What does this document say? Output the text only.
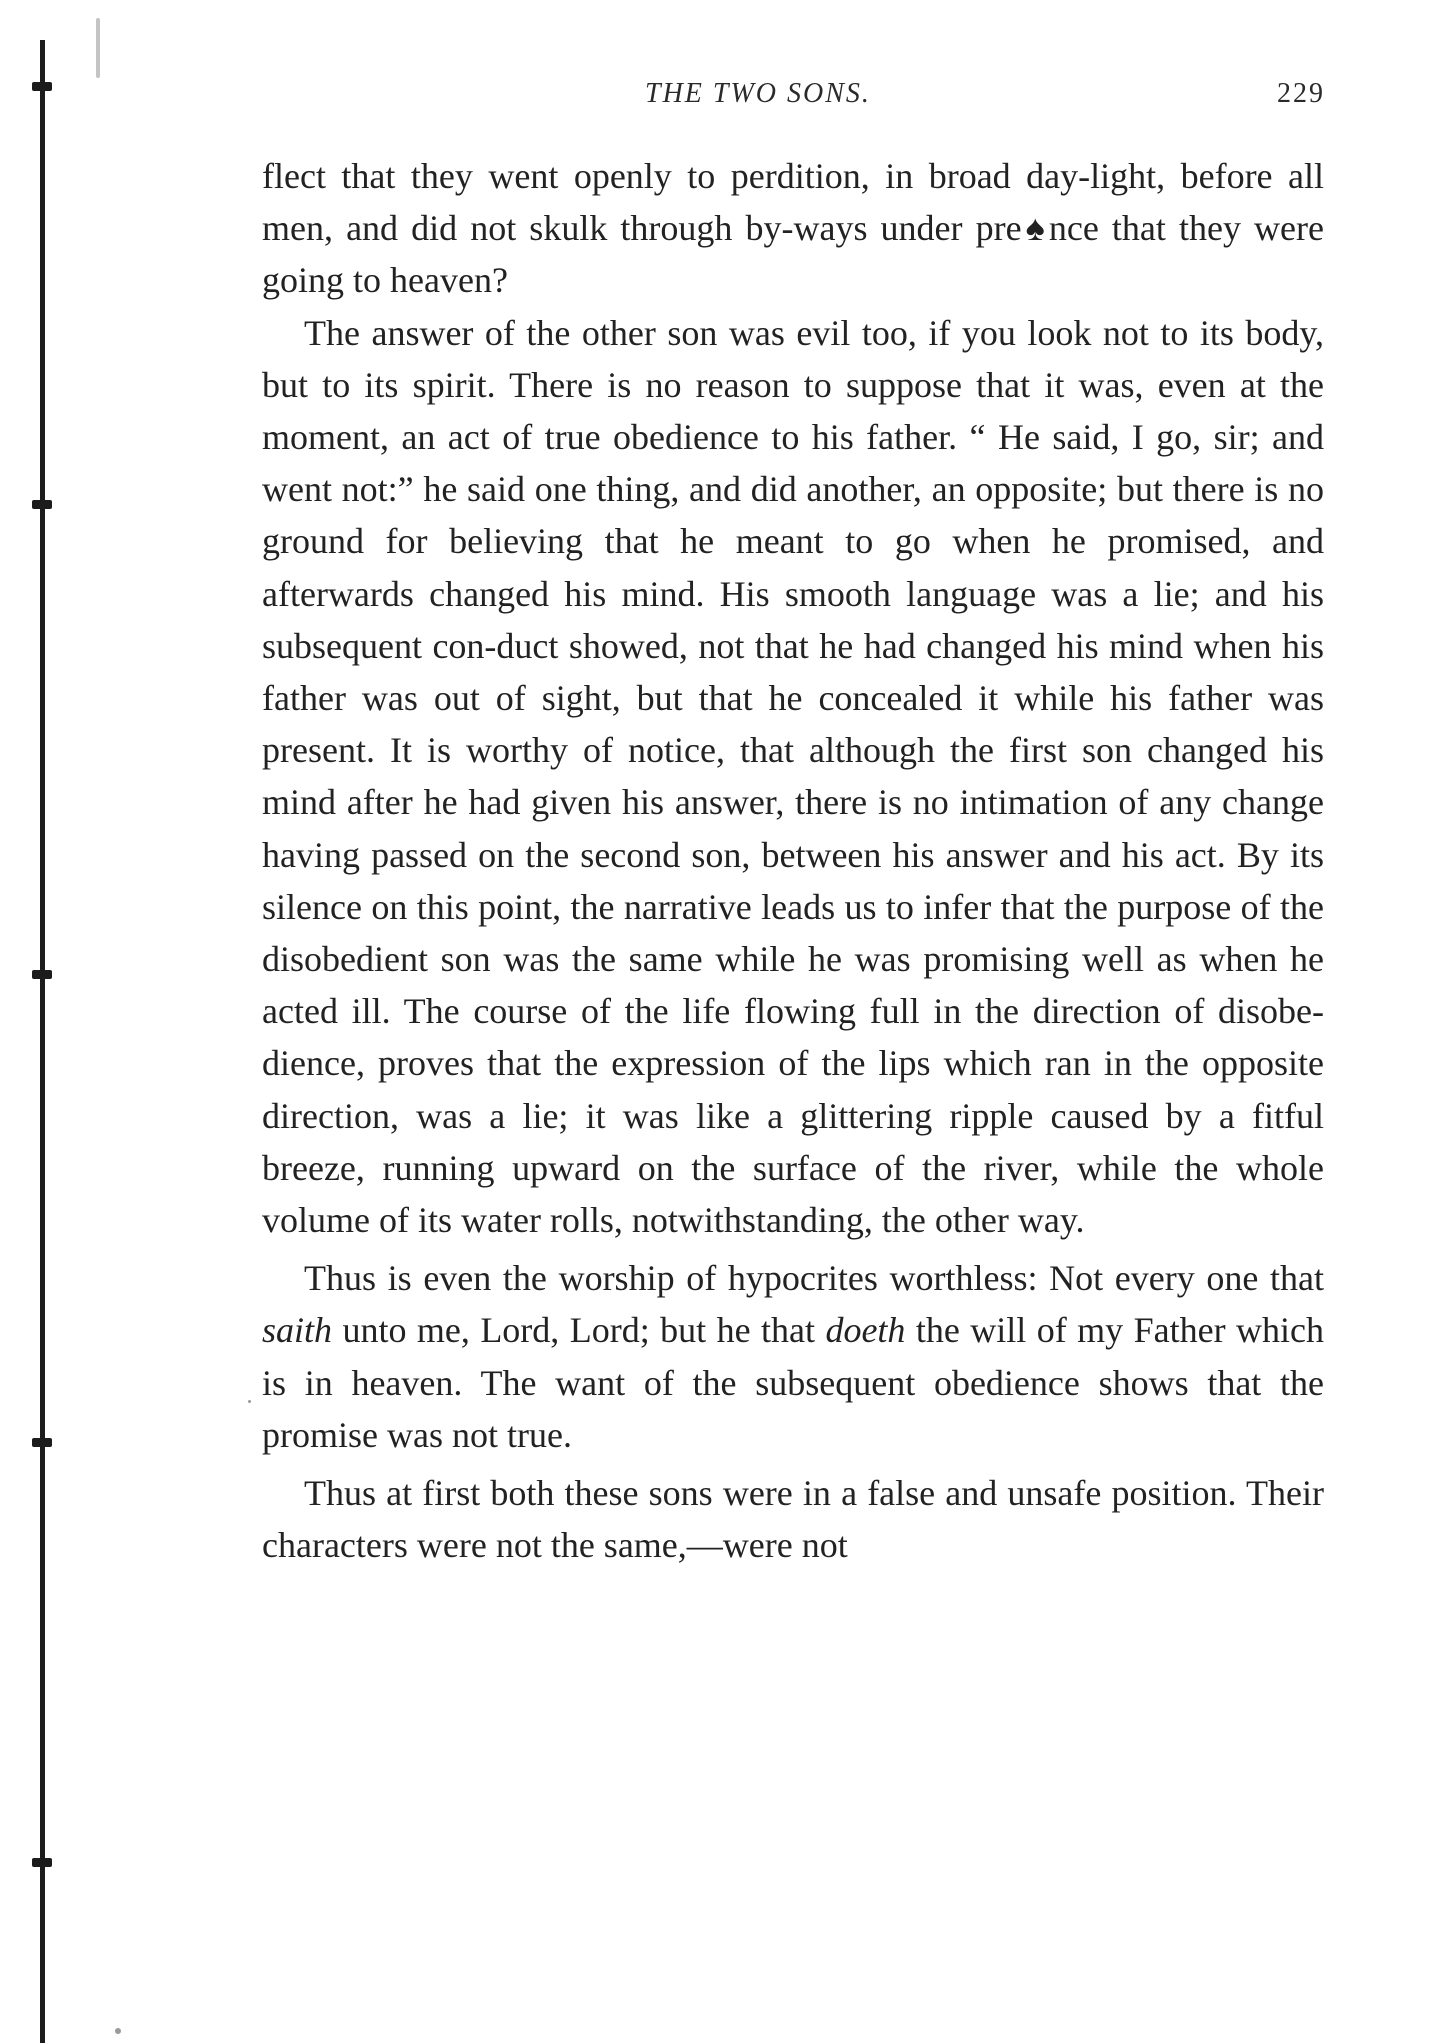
THE TWO SONS.	229

flect that they went openly to perdition, in broad day-light, before all men, and did not skulk through by-ways under pre♠nce that they were going to heaven?

The answer of the other son was evil too, if you look not to its body, but to its spirit. There is no reason to suppose that it was, even at the moment, an act of true obedience to his father. “ He said, I go, sir; and went not:” he said one thing, and did another, an opposite; but there is no ground for believing that he meant to go when he promised, and afterwards changed his mind. His smooth language was a lie; and his subsequent con-duct showed, not that he had changed his mind when his father was out of sight, but that he concealed it while his father was present. It is worthy of notice, that although the first son changed his mind after he had given his answer, there is no intimation of any change having passed on the second son, between his answer and his act. By its silence on this point, the narrative leads us to infer that the purpose of the disobedient son was the same while he was promising well as when he acted ill. The course of the life flowing full in the direction of disobe-dience, proves that the expression of the lips which ran in the opposite direction, was a lie; it was like a glittering ripple caused by a fitful breeze, running upward on the surface of the river, while the whole volume of its water rolls, notwithstanding, the other way.

Thus is even the worship of hypocrites worthless: Not every one that saith unto me, Lord, Lord; but he that doeth the will of my Father which is in heaven. The want of the subsequent obedience shows that the promise was not true.

Thus at first both these sons were in a false and unsafe position. Their characters were not the same,—were not
